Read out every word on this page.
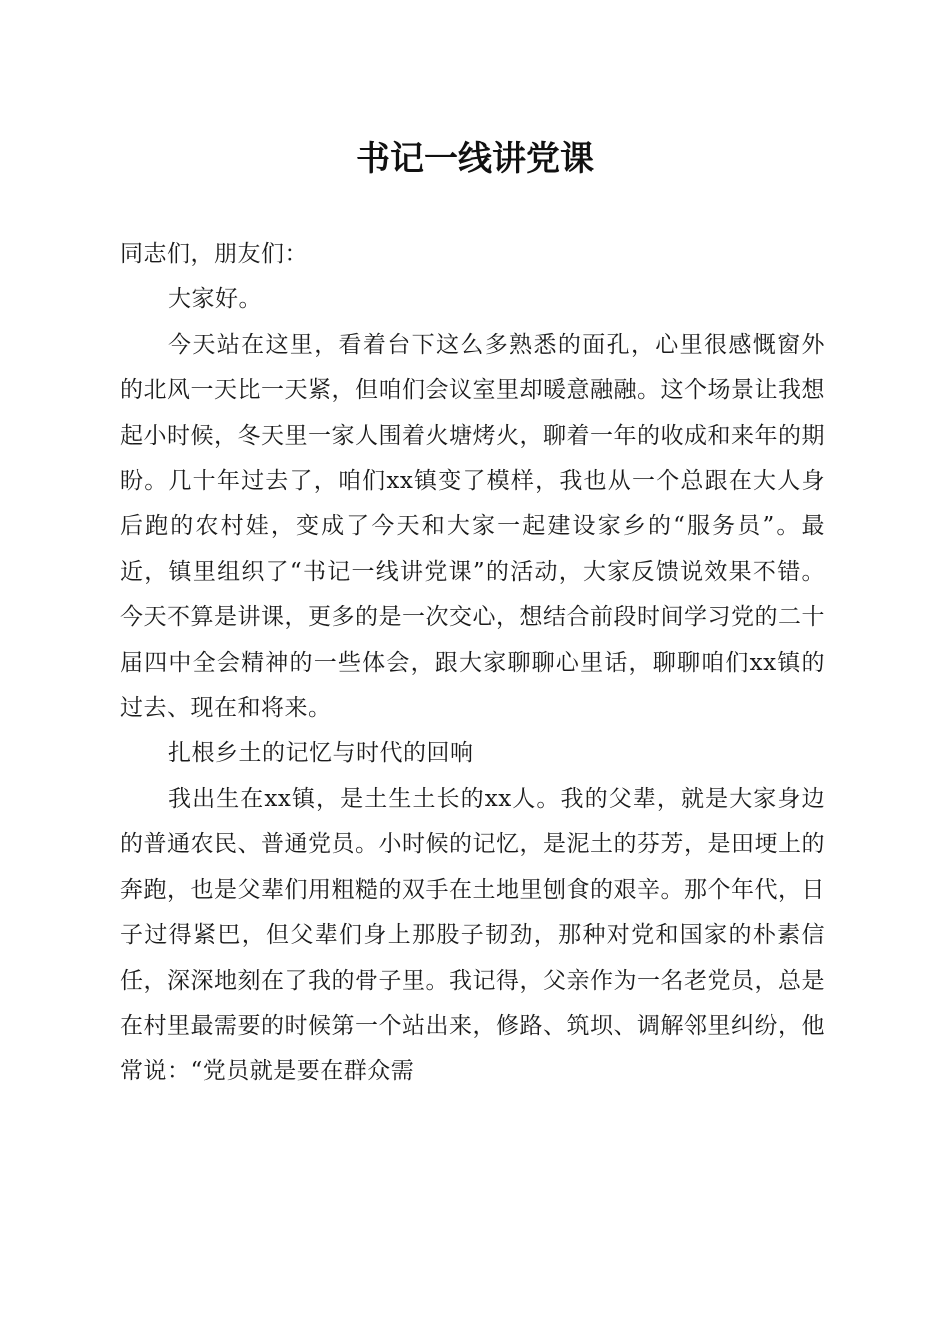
书记一线讲党课

同志们，朋友们：

大家好。

今天站在这里，看着台下这么多熟悉的面孔，心里很感慨窗外的北风一天比一天紧，但咱们会议室里却暖意融融。这个场景让我想起小时候，冬天里一家人围着火塘烤火，聊着一年的收成和来年的期盼。几十年过去了，咱们xx镇变了模样，我也从一个总跟在大人身后跑的农村娃，变成了今天和大家一起建设家乡的“服务员”。最近，镇里组织了“书记一线讲党课”的活动，大家反馈说效果不错。今天不算是讲课，更多的是一次交心，想结合前段时间学习党的二十届四中全会精神的一些体会，跟大家聊聊心里话，聊聊咱们xx镇的过去、现在和将来。

扎根乡土的记忆与时代的回响

我出生在xx镇，是土生土长的xx人。我的父辈，就是大家身边的普通农民、普通党员。小时候的记忆，是泥土的芬芳，是田埂上的奔跑，也是父辈们用粗糙的双手在土地里刨食的艰辛。那个年代，日子过得紧巴，但父辈们身上那股子韧劲，那种对党和国家的朴素信任，深深地刻在了我的骨子里。我记得，父亲作为一名老党员，总是在村里最需要的时候第一个站出来，修路、筑坝、调解邻里纠纷，他常说：“党员就是要在群众需
